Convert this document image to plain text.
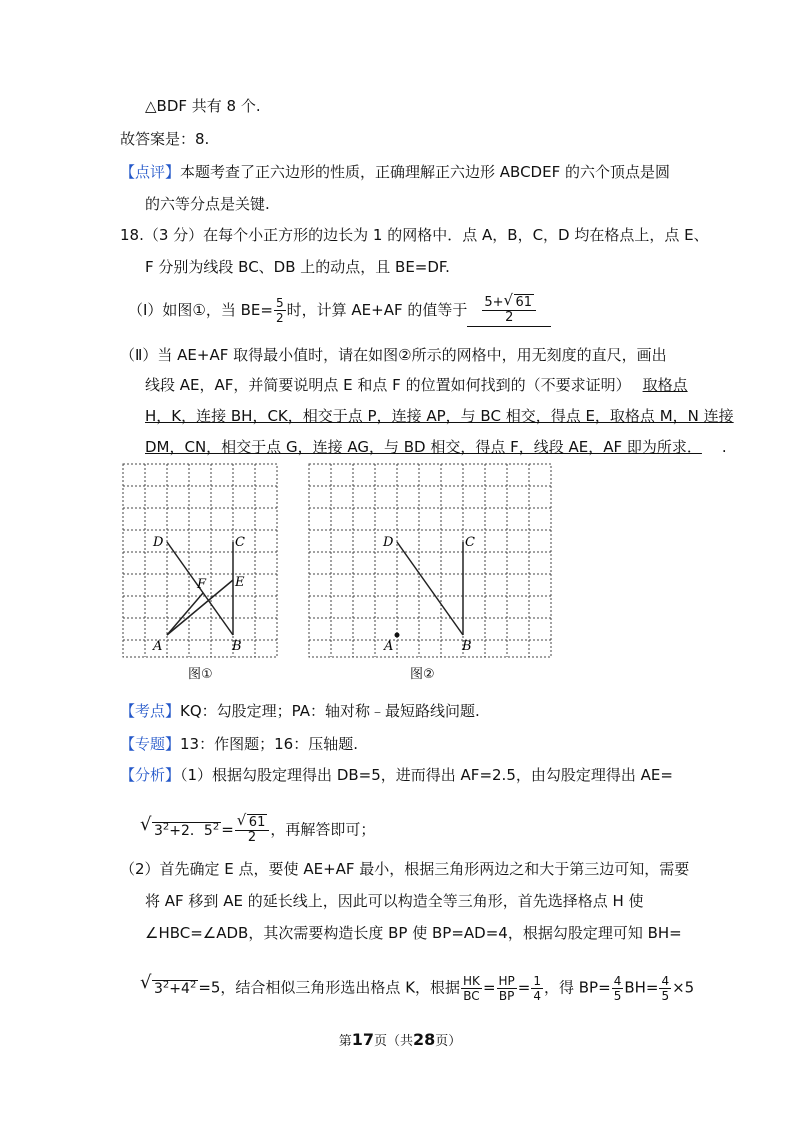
△BDF 共有 8 个.
故答案是：8.
【点评】本题考查了正六边形的性质，正确理解正六边形 ABCDEF 的六个顶点是圆
的六等分点是关键.
18.（3 分）在每个小正方形的边长为 1 的网格中．点 A，B，C，D 均在格点上，点 E、
F 分别为线段 BC、DB 上的动点，且 BE=DF.
（Ⅰ）如图①，当 $BE= \frac{5}{2}$ 时，计算 AE+AF 的值等于 $\frac{5+ √ 61}{2}$
（Ⅱ）当 AE+AF 取得最小值时，请在如图②所示的网格中，用无刻度的直尺，画出
线段 AE，AF，并简要说明点 E 和点 F 的位置如何找到的（不要求证明） 取格点
H，K，连接 BH，CK，相交于点 P，连接 AP，与 BC 相交，得点 E，取格点 M，N 连接
DM，CN，相交于点 G，连接 AG，与 BD 相交，得点 F，线段 AE，AF 即为所求． .
D	C
F E
A	B
图①
D	C
A	B
图②
【考点】KQ：勾股定理；PA：轴对称﹣最短路线问题.
【专题】13：作图题；16：压轴题.
【分析】（1）根据勾股定理得出 DB=5，进而得出 AF=2.5，由勾股定理得出 AE=
√ $3^2+2$．$5^2 = \frac{√ 61}{2}$ ，再解答即可；
（2）首先确定 E 点，要使 AE+AF 最小，根据三角形两边之和大于第三边可知，需要
将 AF 移到 AE 的延长线上，因此可以构造全等三角形，首先选择格点 H 使
∠HBC=∠ADB，其次需要构造长度 BP 使 BP=AD=4，根据勾股定理可知 BH=
√ $3^2+4^2 =5$，结合相似三角形选出格点 K，根据 $\frac{HK}{BC} = \frac{HP}{BP} = \frac{1}{4}$ ，得 $BP= \frac{4}{5} BH= \frac{4}{5} \times 5$
第17页（共28页）
